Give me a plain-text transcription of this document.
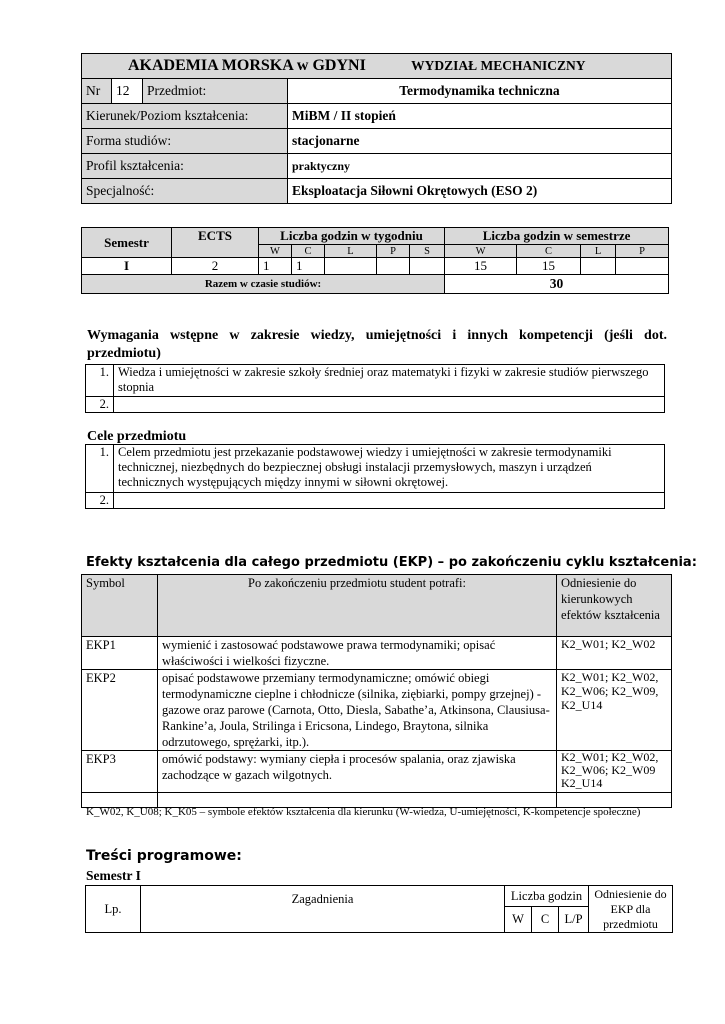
AKADEMIA MORSKA w GDYNI WYDZIAŁ MECHANICZNY			
Nr	12	Przedmiot:	Termodynamika techniczna
Kierunek/Poziom kształcenia:			MiBM / II stopień
Forma studiów:			stacjonarne
Profil kształcenia:			praktyczny
Specjalność:			Eksploatacja Siłowni Okrętowych (ESO 2)
Semestr	ECTS	Liczba godzin w tygodniu					Liczba godzin w semestrze			
		W	C	L	P	S	W	C	L	P
I	2	1	1				15	15		
Razem w czasie studiów:							30			

Wymagania wstępne w zakresie wiedzy, umiejętności i innych kompetencji (jeśli dot. przedmiotu)

1.	Wiedza i umiejętności w zakresie szkoły średniej oraz matematyki i fizyki w zakresie studiów pierwszego stopnia
2.	

Cele przedmiotu

1.	Celem przedmiotu jest przekazanie podstawowej wiedzy i umiejętności w zakresie termodynamiki technicznej, niezbędnych do bezpiecznej obsługi instalacji przemysłowych, maszyn i urządzeń technicznych występujących między innymi w siłowni okrętowej.
2.	

Efekty kształcenia dla całego przedmiotu (EKP) – po zakończeniu cyklu kształcenia:

Symbol	Po zakończeniu przedmiotu student potrafi:	Odniesienie do kierunkowych efektów kształcenia
EKP1	wymienić i zastosować podstawowe prawa termodynamiki; opisać właściwości i wielkości fizyczne.	K2_W01; K2_W02
EKP2	opisać podstawowe przemiany termodynamiczne; omówić obiegi termodynamiczne cieplne i chłodnicze (silnika, ziębiarki, pompy grzejnej) - gazowe oraz parowe (Carnota, Otto, Diesla, Sabathe’a, Atkinsona, Clausiusa-Rankine’a, Joula, Strilinga i Ericsona, Lindego, Braytona, silnika odrzutowego, sprężarki, itp.).	K2_W01; K2_W02, K2_W06; K2_W09, K2_U14
EKP3	omówić podstawy: wymiany ciepła i procesów spalania, oraz zjawiska zachodzące w gazach wilgotnych.	K2_W01; K2_W02, K2_W06; K2_W09 K2_U14

K_W02, K_U08; K_K05 – symbole efektów kształcenia dla kierunku (W-wiedza, U-umiejętności, K-kompetencje społeczne)

Treści programowe:

Semestr I

Lp.	Zagadnienia	Liczba godzin			Odniesienie do EKP dla przedmiotu
		W	C	L/P	
